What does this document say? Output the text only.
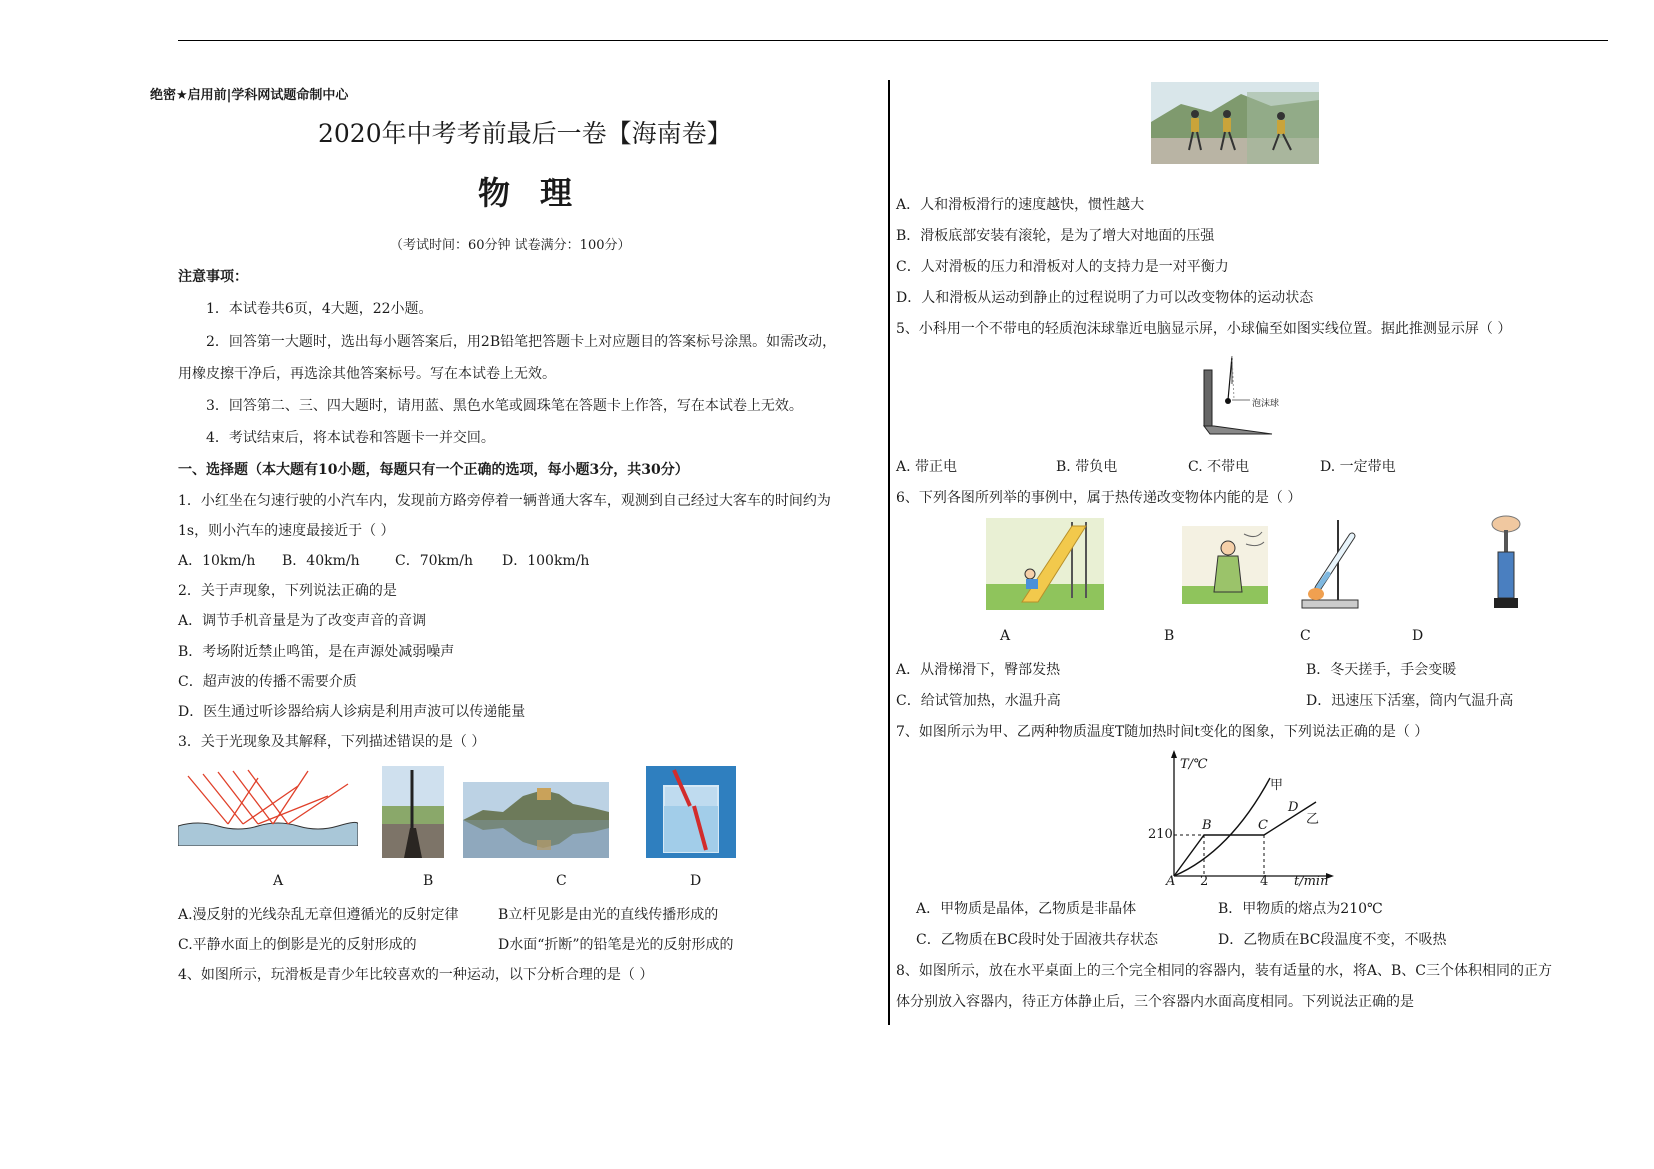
绝密★启用前|学科网试题命制中心
2020年中考考前最后一卷【海南卷】
物理
（考试时间：60分钟 试卷满分：100分）
注意事项：
1．本试卷共6页，4大题，22小题。
2．回答第一大题时，选出每小题答案后，用2B铅笔把答题卡上对应题目的答案标号涂黑。如需改动，
用橡皮擦干净后，再选涂其他答案标号。写在本试卷上无效。
3．回答第二、三、四大题时，请用蓝、黑色水笔或圆珠笔在答题卡上作答，写在本试卷上无效。
4．考试结束后，将本试卷和答题卡一并交回。
一、选择题（本大题有10小题，每题只有一个正确的选项，每小题3分，共30分）
1．小红坐在匀速行驶的小汽车内，发现前方路旁停着一辆普通大客车，观测到自己经过大客车的时间约为
1s，则小汽车的速度最接近于（ ）
A．10km/h B．40km/h	C．70km/h D．100km/h
2．关于声现象，下列说法正确的是
A．调节手机音量是为了改变声音的音调
B．考场附近禁止鸣笛，是在声源处减弱噪声
C．超声波的传播不需要介质
D．医生通过听诊器给病人诊病是利用声波可以传递能量
3．关于光现象及其解释，下列描述错误的是（ ）
A	B	C	D
A.漫反射的光线杂乱无章但遵循光的反射定律	B立杆见影是由光的直线传播形成的
C.平静水面上的倒影是光的反射形成的	D水面“折断”的铅笔是光的反射形成的
4、如图所示，玩滑板是青少年比较喜欢的一种运动，以下分析合理的是（ ）
A．人和滑板滑行的速度越快，惯性越大
B．滑板底部安装有滚轮，是为了增大对地面的压强
C．人对滑板的压力和滑板对人的支持力是一对平衡力
D．人和滑板从运动到静止的过程说明了力可以改变物体的运动状态
5、小科用一个不带电的轻质泡沫球靠近电脑显示屏，小球偏至如图实线位置。据此推测显示屏（ ）
泡沫球
A. 带正电	B. 带负电	C. 不带电	D. 一定带电
6、下列各图所列举的事例中，属于热传递改变物体内能的是（ ）
A	B	C	D
A．从滑梯滑下，臀部发热	B．冬天搓手，手会变暖
C．给试管加热，水温升高	D．迅速压下活塞，筒内气温升高
7、如图所示为甲、乙两种物质温度T随加热时间t变化的图象，下列说法正确的是（ ）
T/℃
t/min
210
2	4
A
B	C
D
甲
乙
A．甲物质是晶体，乙物质是非晶体	B．甲物质的熔点为210℃
C．乙物质在BC段时处于固液共存状态	D．乙物质在BC段温度不变，不吸热
8、如图所示，放在水平桌面上的三个完全相同的容器内，装有适量的水，将A、B、C三个体积相同的正方
体分别放入容器内，待正方体静止后，三个容器内水面高度相同。下列说法正确的是
